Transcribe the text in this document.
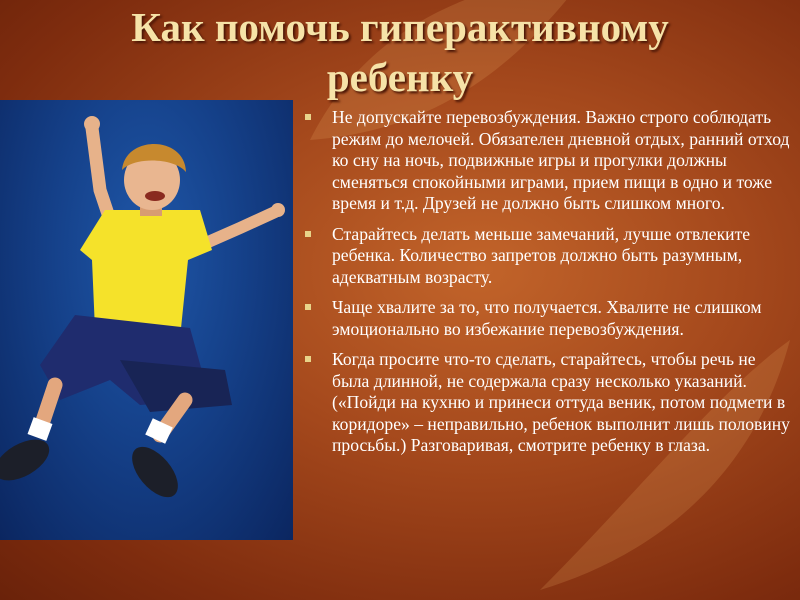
Как помочь гиперактивному ребенку
Не допускайте перевозбуждения. Важно строго соблюдать режим до мелочей. Обязателен дневной отдых, ранний отход ко сну на ночь, подвижные игры и прогулки должны сменяться спокойными играми, прием пищи в одно и тоже время и т.д. Друзей не должно быть слишком много.
Старайтесь делать меньше замечаний, лучше отвлеките ребенка. Количество запретов должно быть разумным, адекватным возрасту.
Чаще хвалите за то, что получается. Хвалите не слишком эмоционально во избежание перевозбуждения.
Когда просите что-то сделать, старайтесь, чтобы речь не была длинной, не содержала сразу несколько указаний. («Пойди на кухню и принеси оттуда веник, потом подмети в коридоре» – неправильно, ребенок выполнит лишь половину просьбы.) Разговаривая, смотрите ребенку в глаза.
